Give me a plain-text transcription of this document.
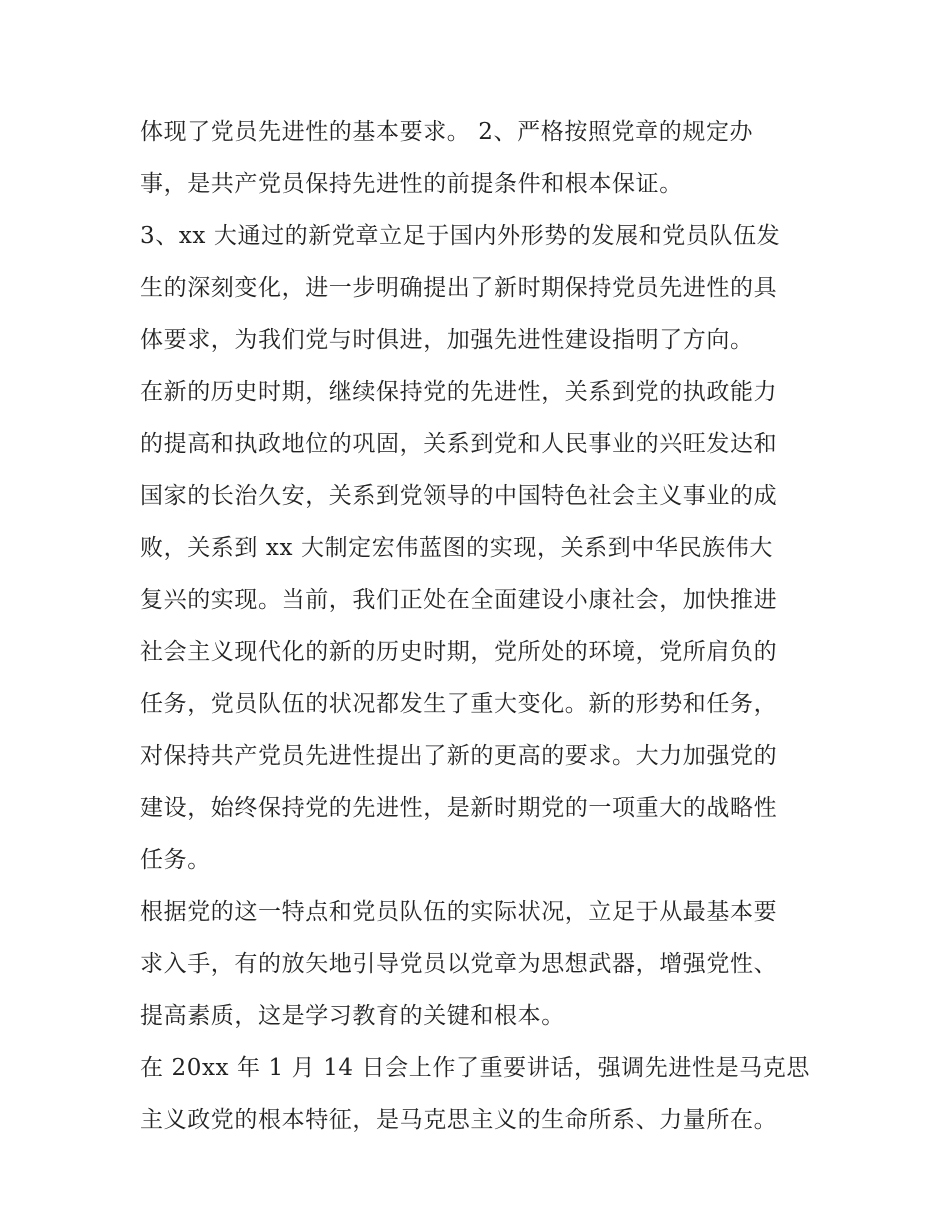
体现了党员先进性的基本要求。 2、严格按照党章的规定办
事，是共产党员保持先进性的前提条件和根本保证。
3、xx 大通过的新党章立足于国内外形势的发展和党员队伍发
生的深刻变化，进一步明确提出了新时期保持党员先进性的具
体要求，为我们党与时俱进，加强先进性建设指明了方向。
在新的历史时期，继续保持党的先进性，关系到党的执政能力
的提高和执政地位的巩固，关系到党和人民事业的兴旺发达和
国家的长治久安，关系到党领导的中国特色社会主义事业的成
败，关系到 xx 大制定宏伟蓝图的实现，关系到中华民族伟大
复兴的实现。当前，我们正处在全面建设小康社会，加快推进
社会主义现代化的新的历史时期，党所处的环境，党所肩负的
任务，党员队伍的状况都发生了重大变化。新的形势和任务，
对保持共产党员先进性提出了新的更高的要求。大力加强党的
建设，始终保持党的先进性，是新时期党的一项重大的战略性
任务。
根据党的这一特点和党员队伍的实际状况，立足于从最基本要
求入手，有的放矢地引导党员以党章为思想武器，增强党性、
提高素质，这是学习教育的关键和根本。
在 20xx 年 1 月 14 日会上作了重要讲话，强调先进性是马克思
主义政党的根本特征，是马克思主义的生命所系、力量所在。
